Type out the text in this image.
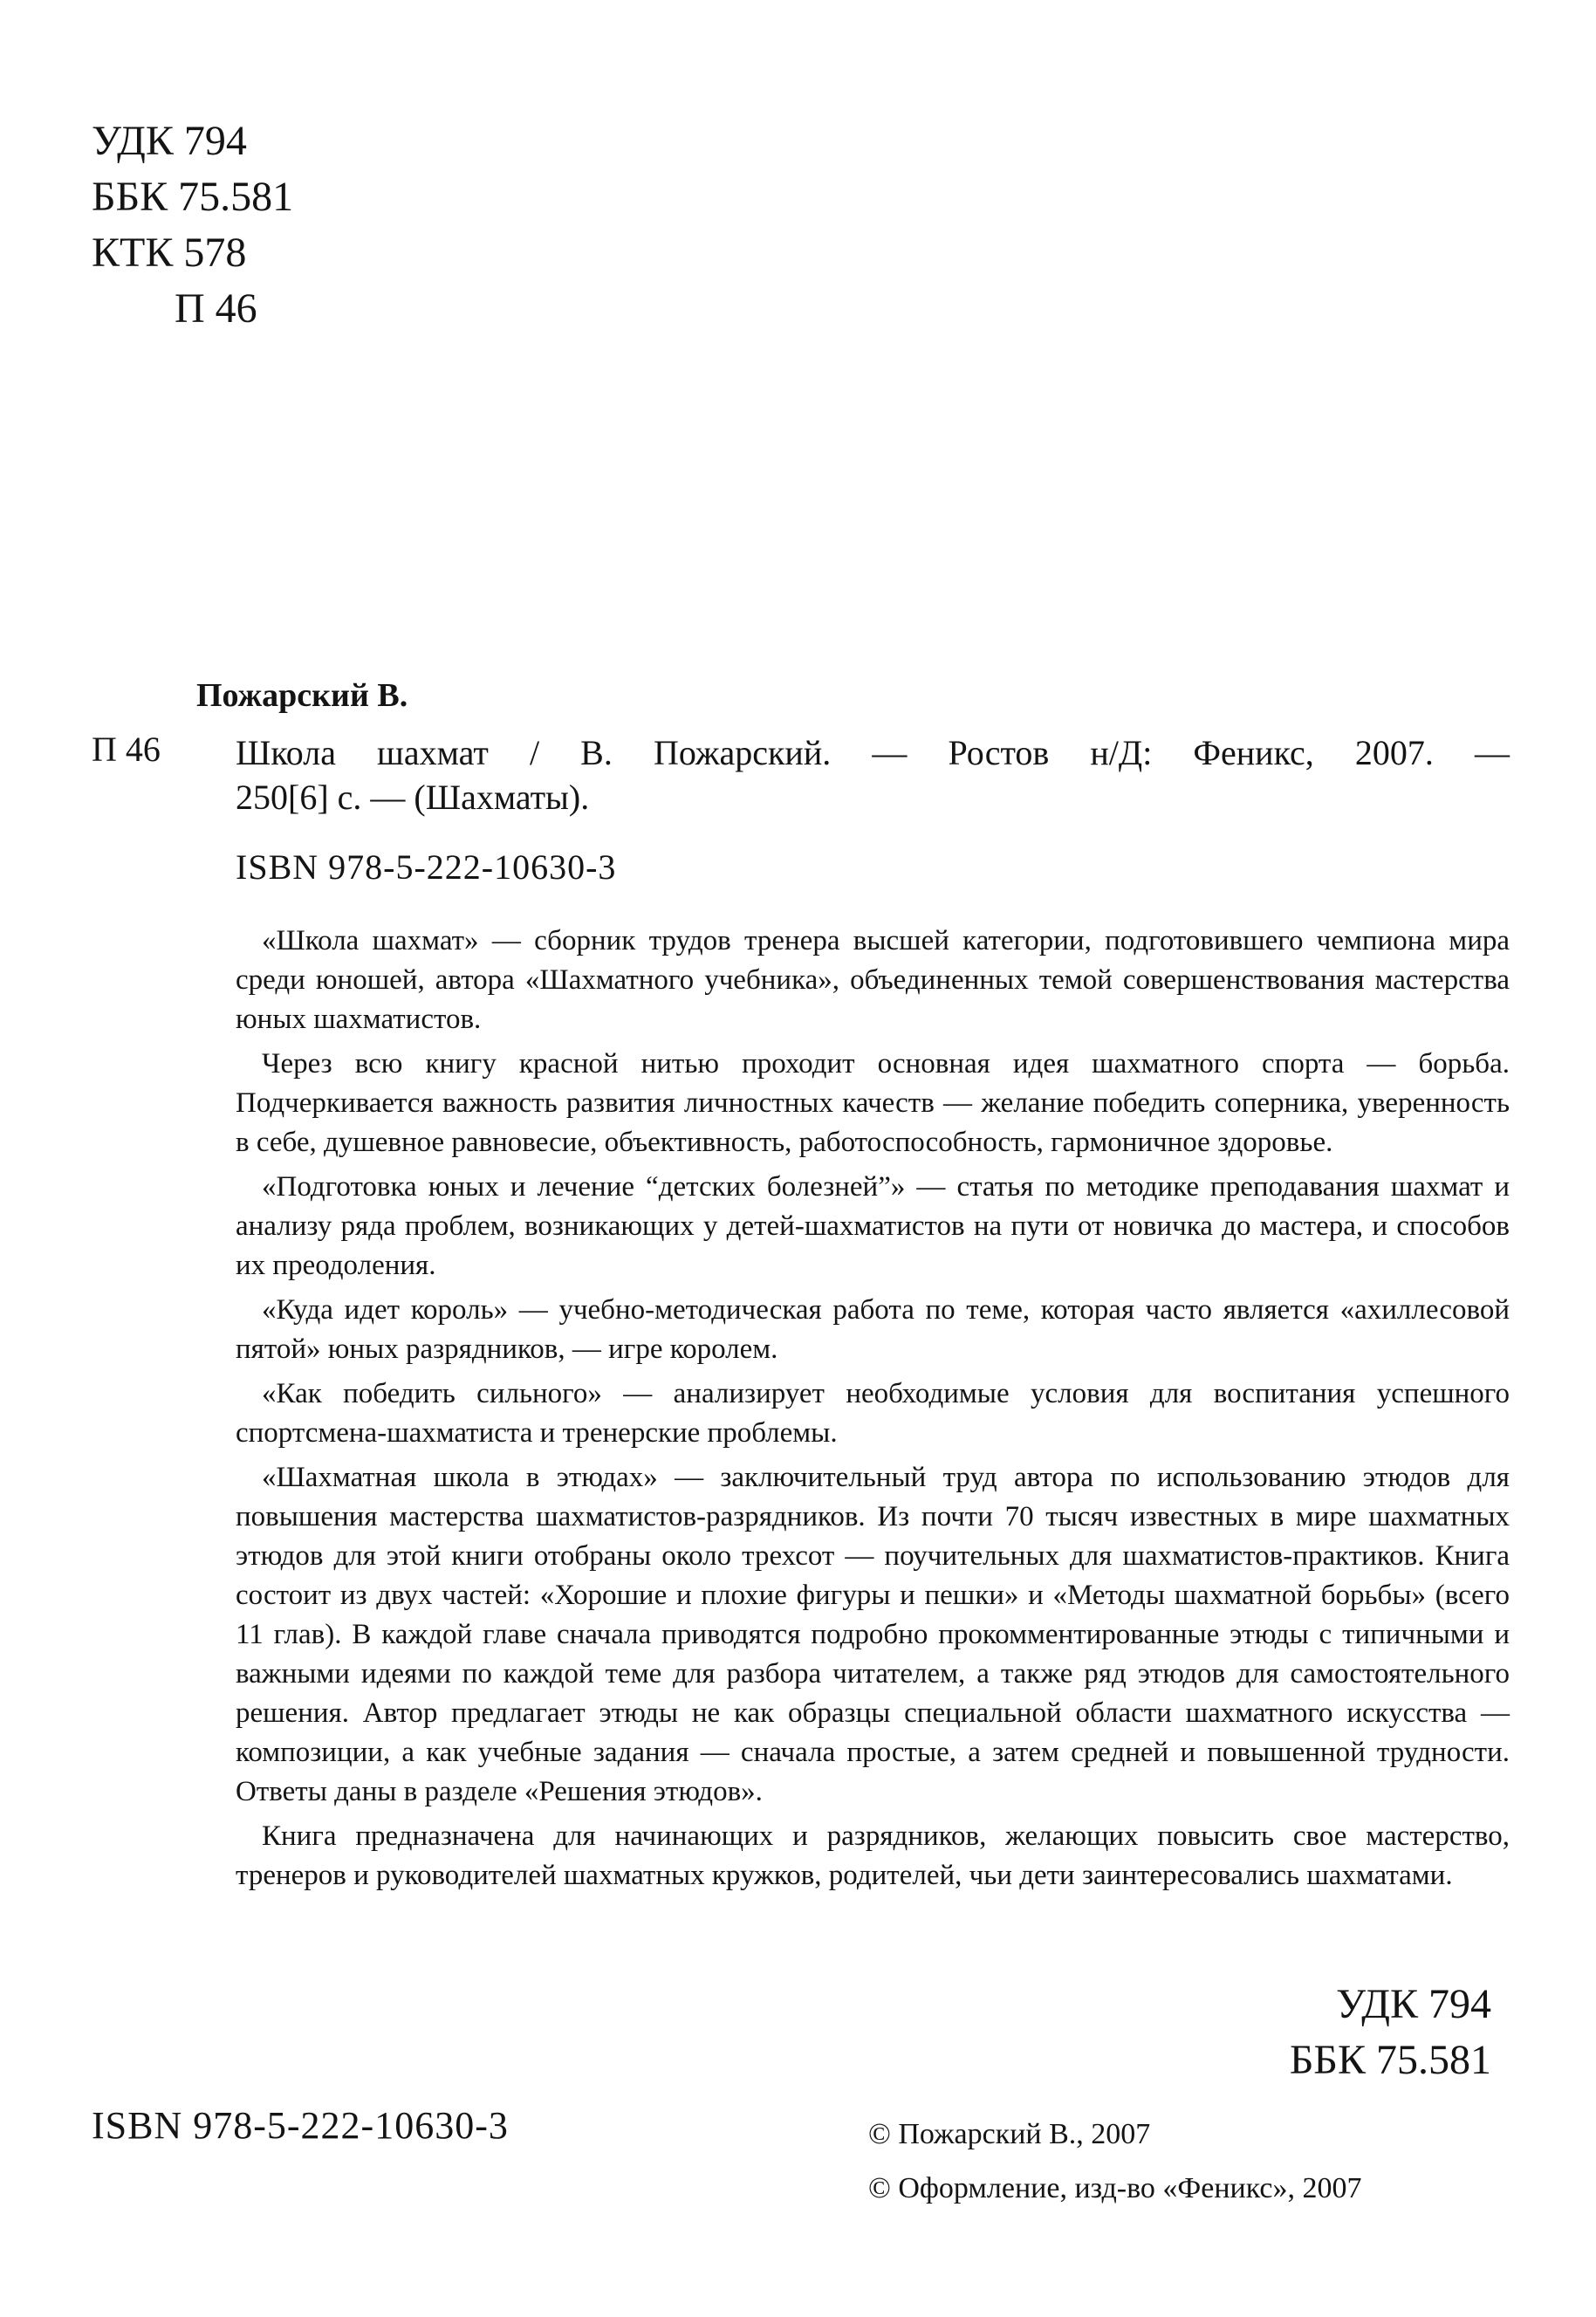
УДК 794
ББК 75.581
КТК 578
П 46
Пожарский В.
П 46 Школа шахмат / В. Пожарский. — Ростов н/Д: Феникс, 2007. —
250[6] с. — (Шахматы).
ISBN 978-5-222-10630-3

«Школа шахмат» — сборник трудов тренера высшей категории, подготовившего чемпиона мира среди юношей, автора «Шахматного учебника», объединенных темой совершенствования мастерства юных шахматистов.

Через всю книгу красной нитью проходит основная идея шахматного спорта — борьба. Подчеркивается важность развития личностных качеств — желание победить соперника, уверенность в себе, душевное равновесие, объективность, работоспособность, гармоничное здоровье.

«Подготовка юных и лечение “детских болезней”» — статья по методике преподавания шахмат и анализу ряда проблем, возникающих у детей-шахматистов на пути от новичка до мастера, и способов их преодоления.

«Куда идет король» — учебно-методическая работа по теме, которая часто является «ахиллесовой пятой» юных разрядников, — игре королем.

«Как победить сильного» — анализирует необходимые условия для воспитания успешного спортсмена-шахматиста и тренерские проблемы.

«Шахматная школа в этюдах» — заключительный труд автора по использованию этюдов для повышения мастерства шахматистов-разрядников. Из почти 70 тысяч известных в мире шахматных этюдов для этой книги отобраны около трехсот — поучительных для шахматистов-практиков. Книга состоит из двух частей: «Хорошие и плохие фигуры и пешки» и «Методы шахматной борьбы» (всего 11 глав). В каждой главе сначала приводятся подробно прокомментированные этюды с типичными и важными идеями по каждой теме для разбора читателем, а также ряд этюдов для самостоятельного решения. Автор предлагает этюды не как образцы специальной области шахматного искусства — композиции, а как учебные задания — сначала простые, а затем средней и повышенной трудности. Ответы даны в разделе «Решения этюдов».

Книга предназначена для начинающих и разрядников, желающих повысить свое мастерство, тренеров и руководителей шахматных кружков, родителей, чьи дети заинтересовались шахматами.

УДК 794
ББК 75.581
ISBN 978-5-222-10630-3	© Пожарский В., 2007
© Оформление, изд-во «Феникс», 2007
